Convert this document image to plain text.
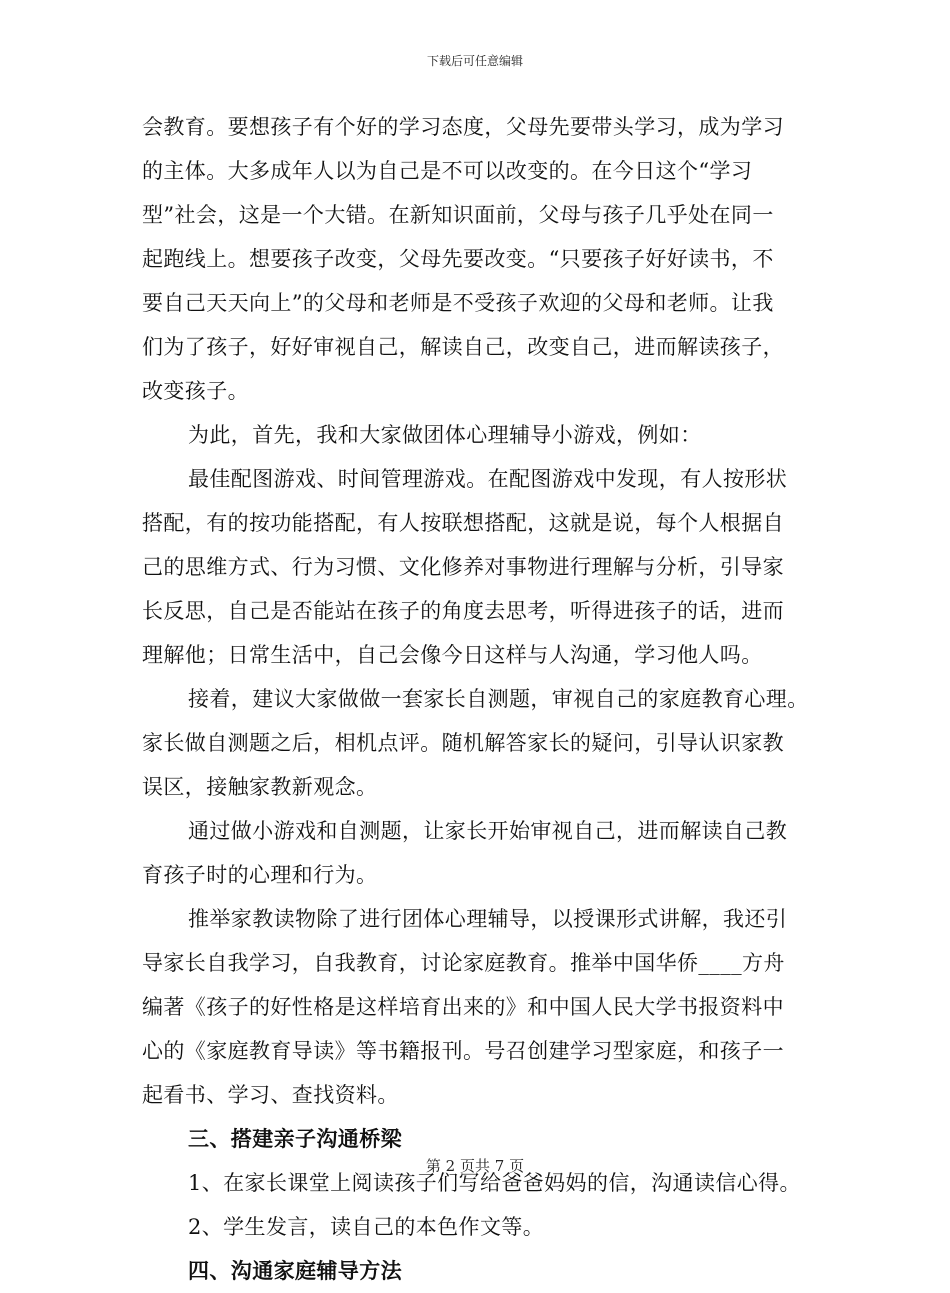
下载后可任意编辑
会教育。要想孩子有个好的学习态度，父母先要带头学习，成为学习
的主体。大多成年人以为自己是不可以改变的。在今日这个“学习
型”社会，这是一个大错。在新知识面前，父母与孩子几乎处在同一
起跑线上。想要孩子改变，父母先要改变。“只要孩子好好读书，不
要自己天天向上”的父母和老师是不受孩子欢迎的父母和老师。让我
们为了孩子，好好审视自己，解读自己，改变自己，进而解读孩子，
改变孩子。
为此，首先，我和大家做团体心理辅导小游戏，例如：
最佳配图游戏、时间管理游戏。在配图游戏中发现，有人按形状
搭配，有的按功能搭配，有人按联想搭配，这就是说，每个人根据自
己的思维方式、行为习惯、文化修养对事物进行理解与分析，引导家
长反思，自己是否能站在孩子的角度去思考，听得进孩子的话，进而
理解他；日常生活中，自己会像今日这样与人沟通，学习他人吗。
接着，建议大家做做一套家长自测题，审视自己的家庭教育心理。
家长做自测题之后，相机点评。随机解答家长的疑问，引导认识家教
误区，接触家教新观念。
通过做小游戏和自测题，让家长开始审视自己，进而解读自己教
育孩子时的心理和行为。
推举家教读物除了进行团体心理辅导，以授课形式讲解，我还引
导家长自我学习，自我教育，讨论家庭教育。推举中国华侨____方舟
编著《孩子的好性格是这样培育出来的》和中国人民大学书报资料中
心的《家庭教育导读》等书籍报刊。号召创建学习型家庭，和孩子一
起看书、学习、查找资料。
三、搭建亲子沟通桥梁
1、在家长课堂上阅读孩子们写给爸爸妈妈的信，沟通读信心得。
2、学生发言，读自己的本色作文等。
四、沟通家庭辅导方法
第 2 页共 7 页
